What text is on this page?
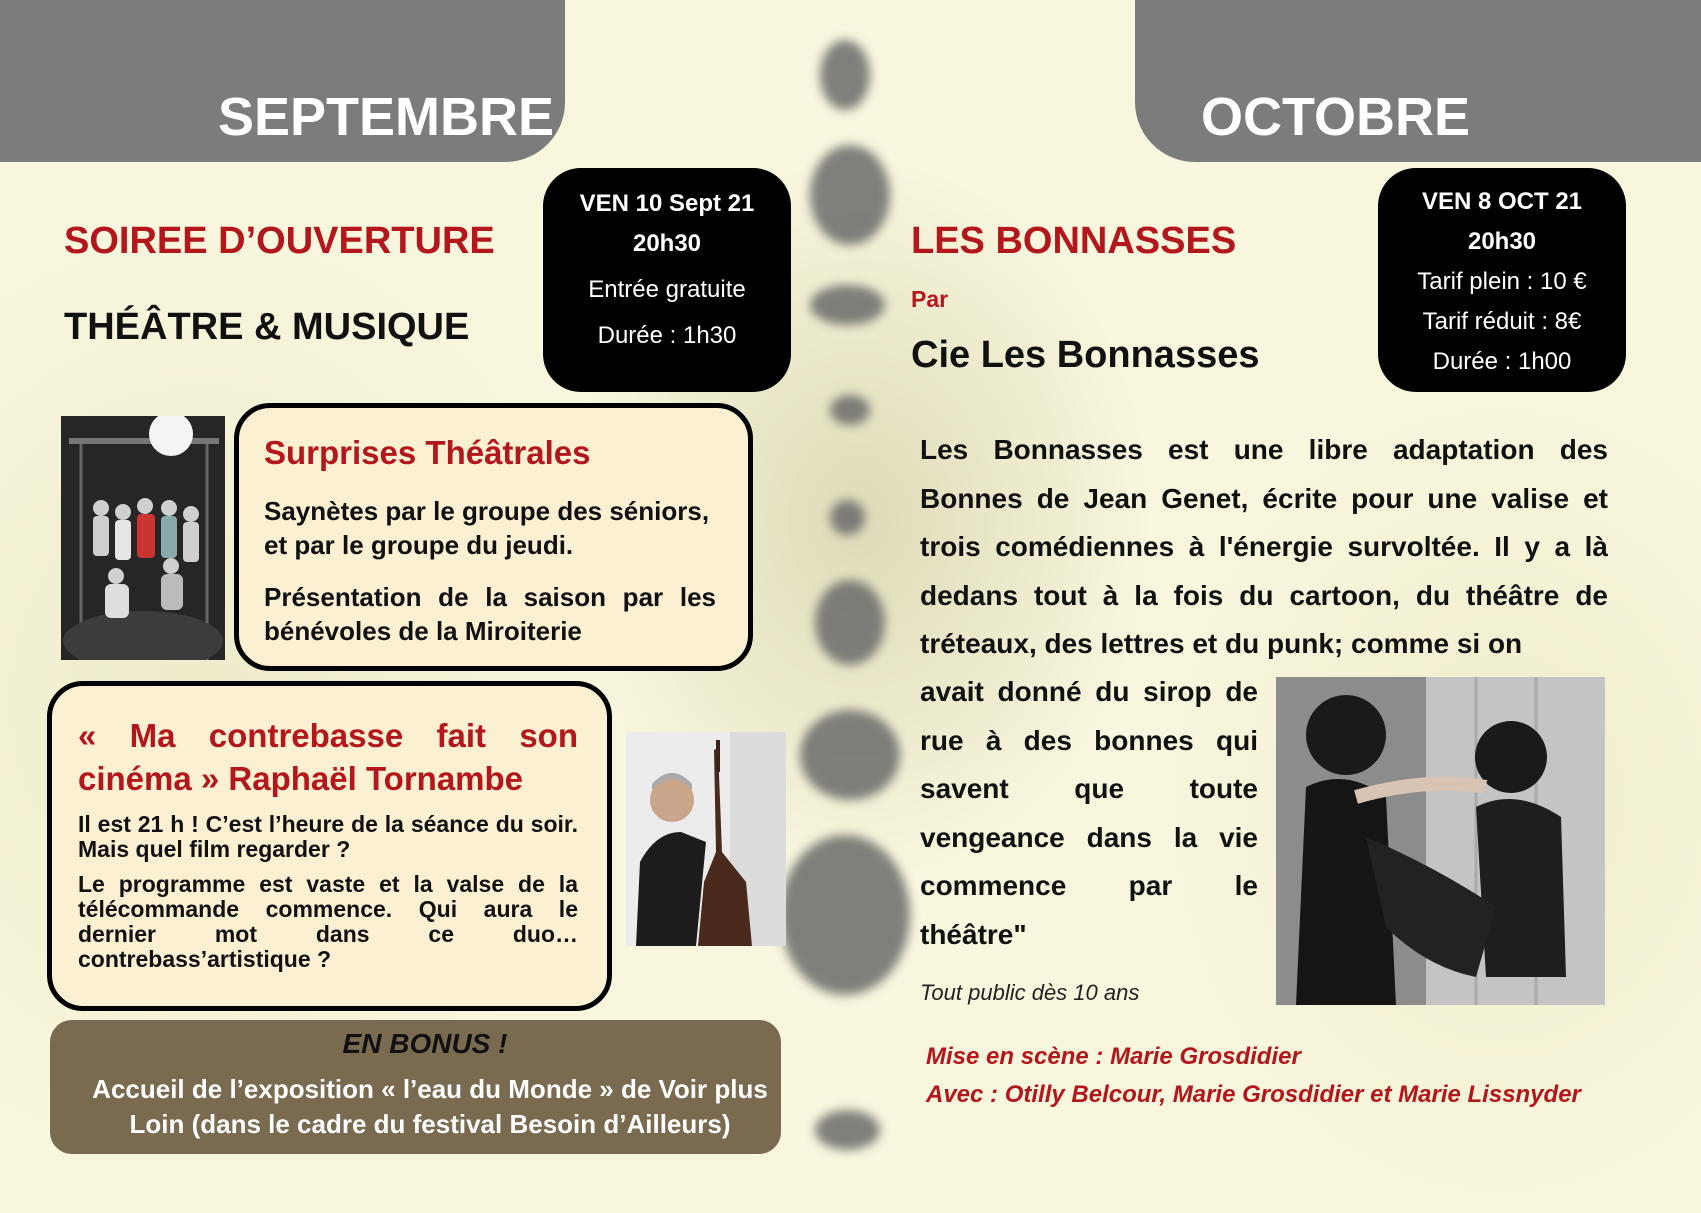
SEPTEMBRE	OCTOBRE
SOIREE D’OUVERTURE
THÉÂTRE & MUSIQUE
VEN 10 Sept 21
20h30
Entrée gratuite
Durée : 1h30
Surprises Théâtrales
Saynètes par le groupe des séniors, et par le groupe du jeudi.
Présentation de la saison par les bénévoles de la Miroiterie
« Ma contrebasse fait son cinéma » Raphaël Tornambe
Il est 21 h ! C’est l’heure de la séance du soir. Mais quel film regarder ?
Le programme est vaste et la valse de la télécommande commence. Qui aura le dernier mot dans ce duo… contrebass’artistique ?
EN BONUS !
Accueil de l’exposition « l’eau du Monde » de Voir plus Loin (dans le cadre du festival Besoin d’Ailleurs)
LES BONNASSES
Par
Cie Les Bonnasses
VEN 8 OCT 21
20h30
Tarif plein : 10 €
Tarif réduit : 8€
Durée : 1h00
Les Bonnasses est une libre adaptation des Bonnes de Jean Genet, écrite pour une valise et trois comédiennes à l'énergie survoltée. Il y a là dedans tout à la fois du cartoon, du théâtre de tréteaux, des lettres et du punk; comme si on
avait donné du sirop de
rue à des bonnes qui
savent que toute
vengeance dans la vie
commence par le
théâtre"
Tout public dès 10 ans
Mise en scène : Marie Grosdidier
Avec : Otilly Belcour, Marie Grosdidier et Marie Lissnyder
